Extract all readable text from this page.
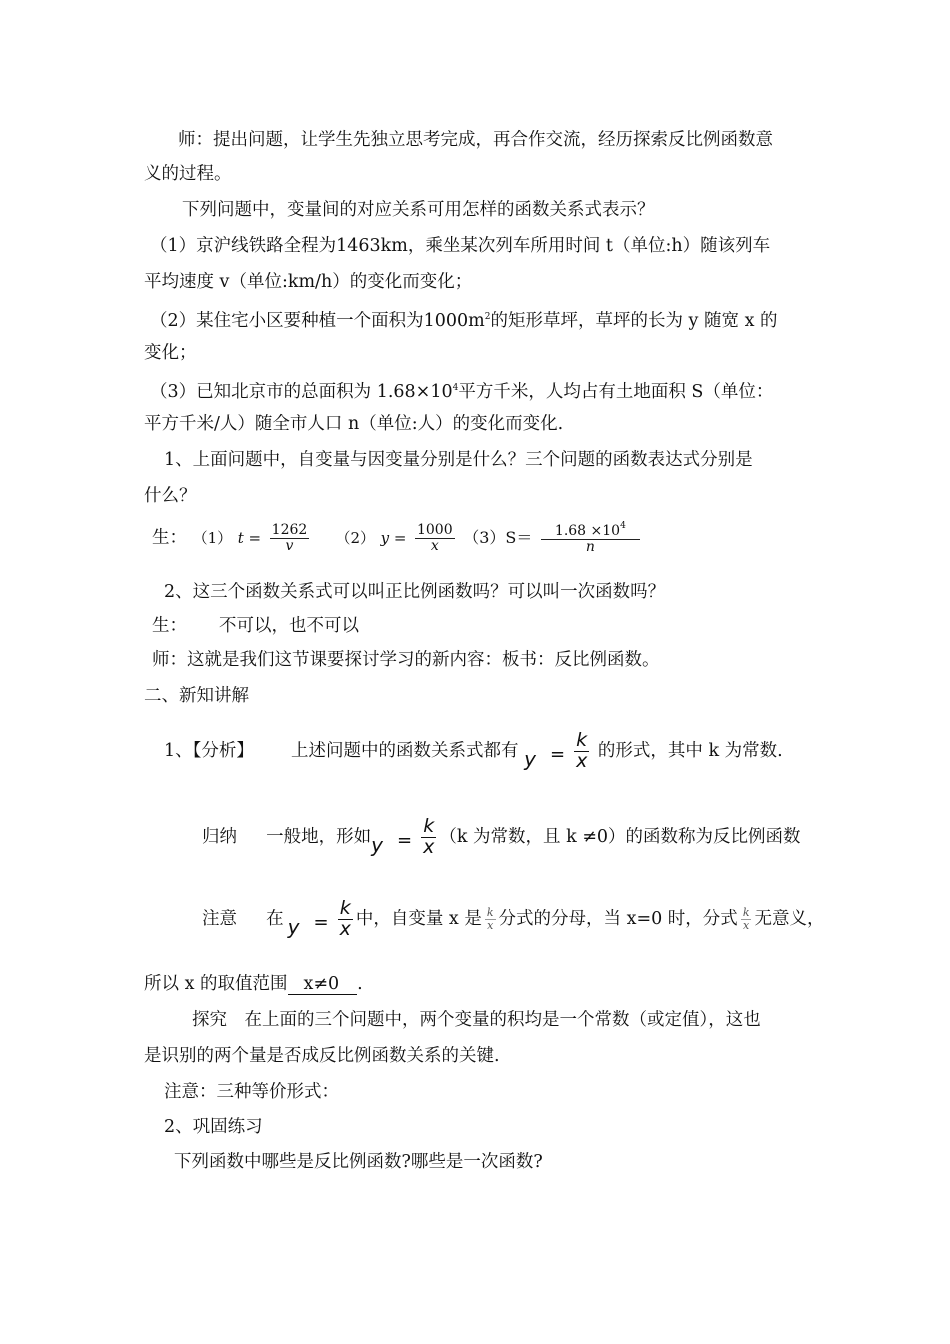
师：提出问题，让学生先独立思考完成，再合作交流，经历探索反比例函数意
义的过程。
下列问题中，变量间的对应关系可用怎样的函数关系式表示？
（1）京沪线铁路全程为1463km，乘坐某次列车所用时间 t（单位:h）随该列车
平均速度 v（单位:km/h）的变化而变化；
（2）某住宅小区要种植一个面积为$1000m^2$的矩形草坪，草坪的长为 y 随宽 x 的
变化；
（3）已知北京市的总面积为 $1.68\times 10^4$平方千米，人均占有土地面积 S（单位：
平方千米/人）随全市人口 n（单位:人）的变化而变化.
1、上面问题中，自变量与因变量分别是什么？三个问题的函数表达式分别是
什么？
生： （1） $t = \frac{1262}{v} (2) y = \frac{1000}{x} (3)S= \frac{1.68 \times 10^4}{n}$
2、这三个函数关系式可以叫正比例函数吗？可以叫一次函数吗？
生： 不可以，也不可以
师：这就是我们这节课要探讨学习的新内容：板书：反比例函数。
二、新知讲解
1、【分析】 上述问题中的函数关系式都有 $y = \frac{k}{x}$ 的形式，其中 k 为常数.
归纳 一般地，形如$y = \frac{k}{x} (k$ 为常数，且 k ≠0）的函数称为反比例函数
注意 在 $y = \frac{k}{x}$ 中，自变量 x 是 $\frac{k}{x}$ 分式的分母，当 x=0 时，分式 $\frac{k}{x}$ 无意义，
所以 x 的取值范围 x≠0 .
探究　在上面的三个问题中，两个变量的积均是一个常数（或定值），这也
是识别的两个量是否成反比例函数关系的关键.
注意：三种等价形式：
2、巩固练习
下列函数中哪些是反比例函数?哪些是一次函数?
